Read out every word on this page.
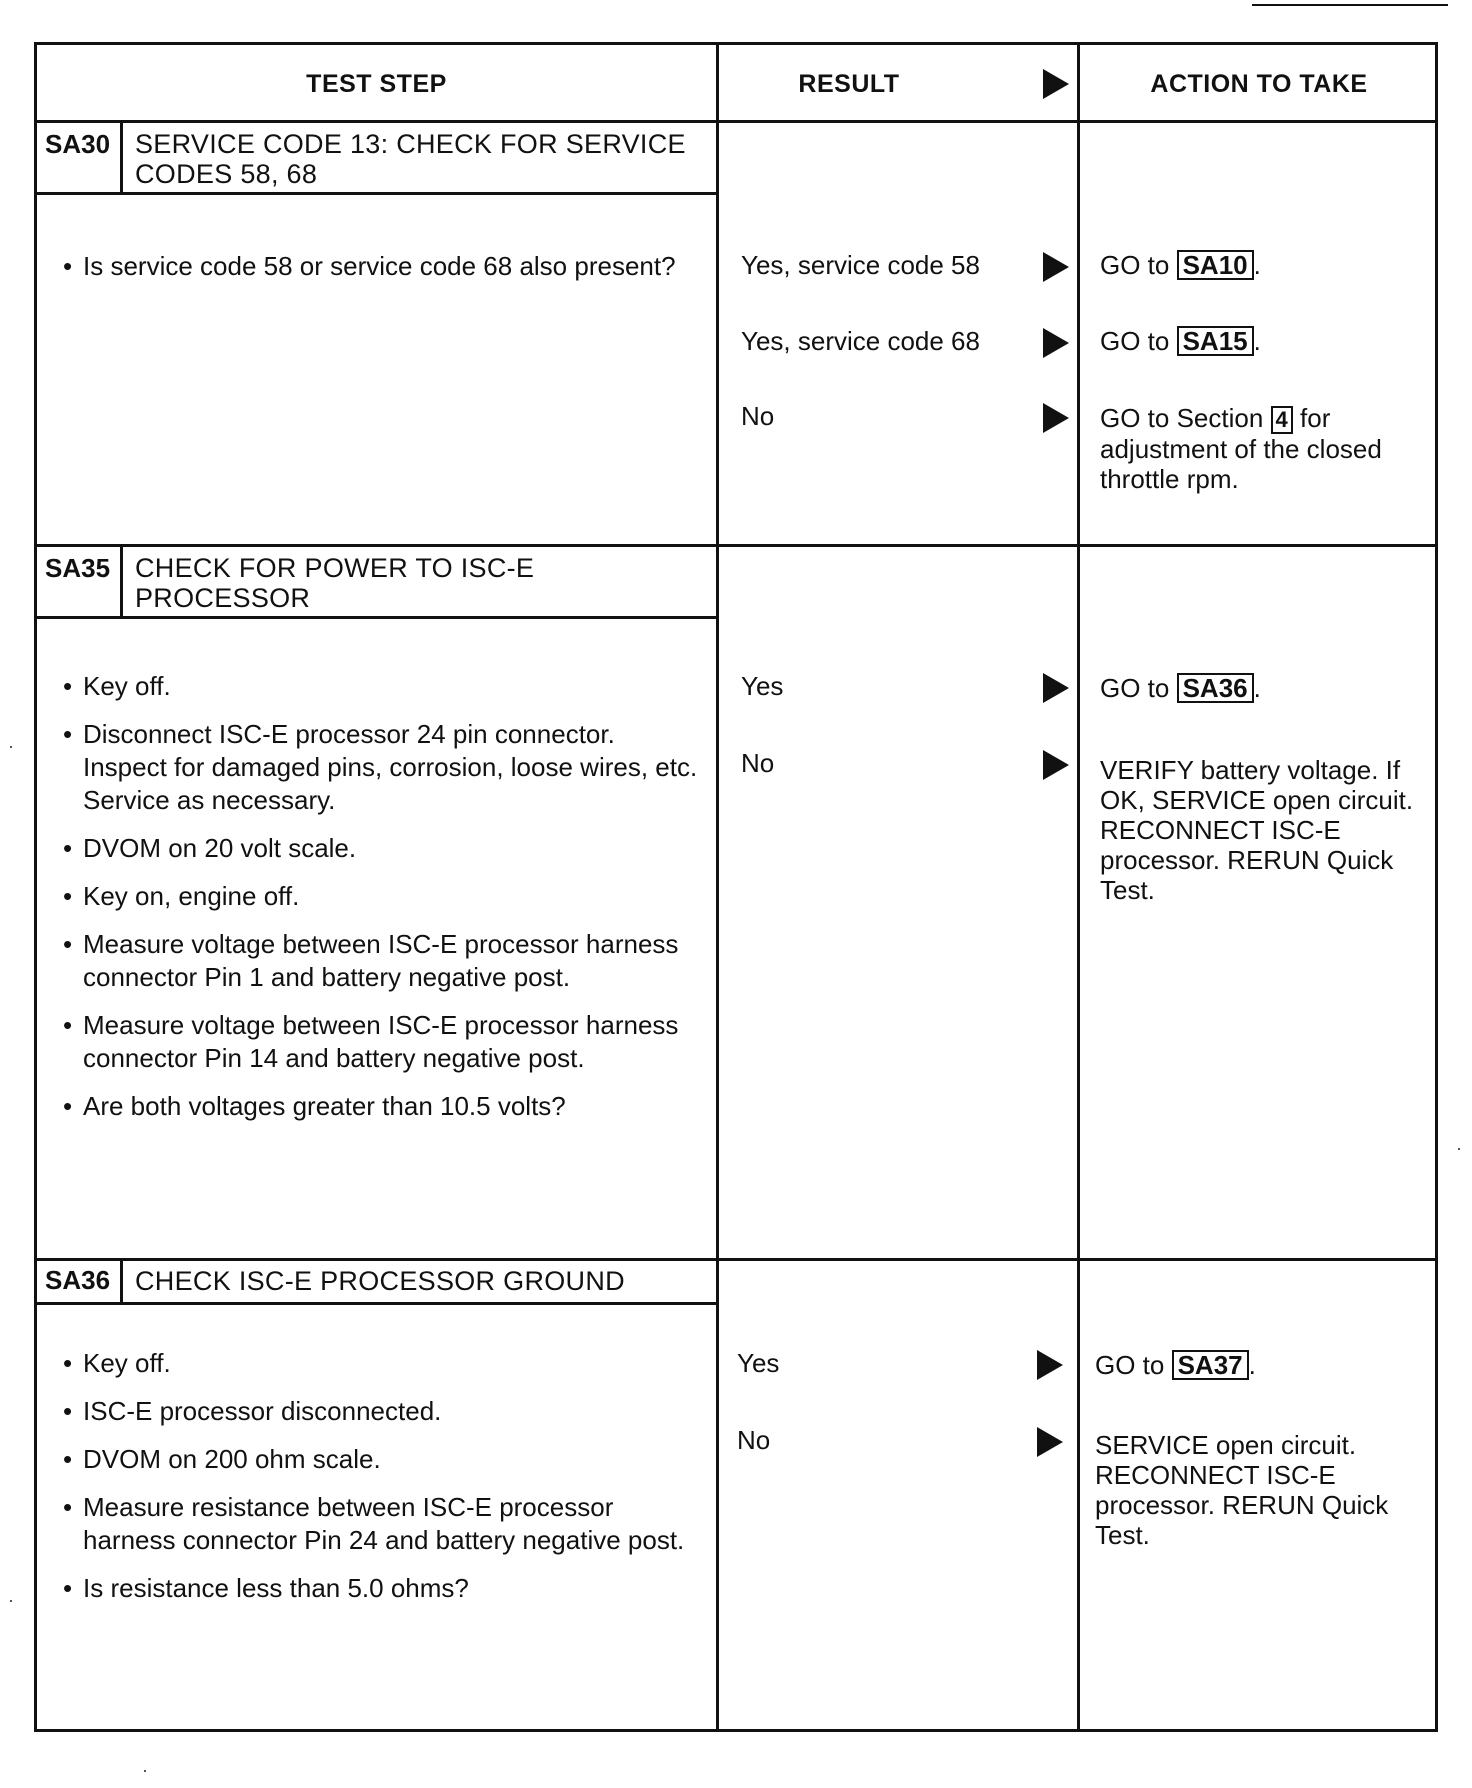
TEST STEP	RESULT	ACTION TO TAKE
SA30 SERVICE CODE 13: CHECK FOR SERVICE CODES 58, 68
• Is service code 58 or service code 68 also present?	Yes, service code 58	GO to SA10 .
Yes, service code 68	GO to SA15 .
No	GO to Section 4 for adjustment of the closed throttle rpm.
SA35 CHECK FOR POWER TO ISC-E PROCESSOR
• Key off.
• Disconnect ISC-E processor 24 pin connector. Inspect for damaged pins, corrosion, loose wires, etc. Service as necessary.
• DVOM on 20 volt scale.
• Key on, engine off.
• Measure voltage between ISC-E processor harness connector Pin 1 and battery negative post.
• Measure voltage between ISC-E processor harness connector Pin 14 and battery negative post.
• Are both voltages greater than 10.5 volts?
Yes	GO to SA36 .
No	VERIFY battery voltage. If OK, SERVICE open circuit. RECONNECT ISC-E processor. RERUN Quick Test.
SA36 CHECK ISC-E PROCESSOR GROUND
• Key off.
• ISC-E processor disconnected.
• DVOM on 200 ohm scale.
• Measure resistance between ISC-E processor harness connector Pin 24 and battery negative post.
• Is resistance less than 5.0 ohms?
Yes	GO to SA37 .
No	SERVICE open circuit. RECONNECT ISC-E processor. RERUN Quick Test.
